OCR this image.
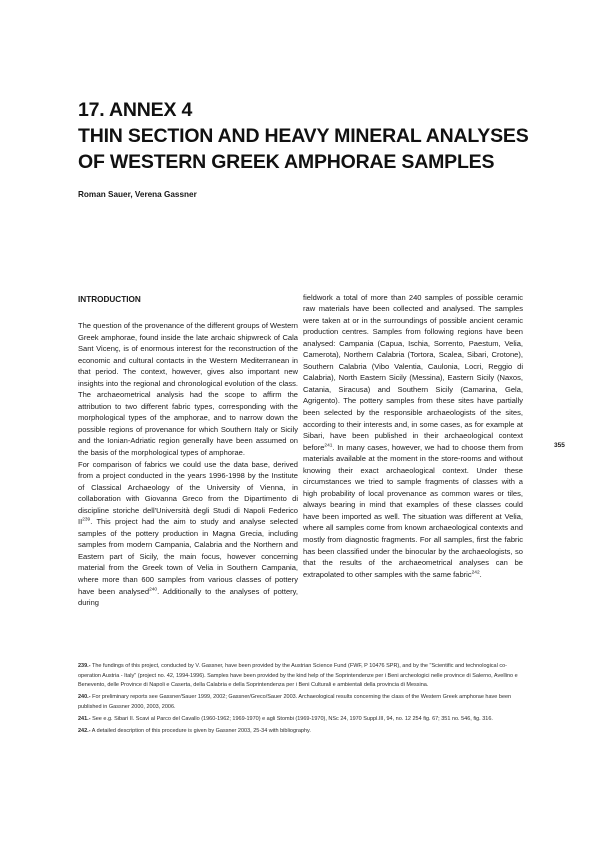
17. ANNEX 4
THIN SECTION AND HEAVY MINERAL ANALYSES
OF WESTERN GREEK AMPHORAE SAMPLES

Roman Sauer, Verena Gassner

INTRODUCTION

The question of the provenance of the different groups of Western Greek amphorae, found inside the late archaic shipwreck of Cala Sant Vicenç, is of enormous interest for the reconstruction of the economic and cultural contacts in the Western Mediterranean in that period. The context, however, gives also important new insights into the regional and chronological evolution of the class. The archaeometrical analysis had the scope to affirm the attribution to two different fabric types, corresponding with the morphological types of the amphorae, and to narrow down the possible regions of provenance for which Southern Italy or Sicily and the Ionian-Adriatic region generally have been assumed on the basis of the morphological types of amphorae.

For comparison of fabrics we could use the data base, derived from a project conducted in the years 1996-1998 by the Institute of Classical Archaeology of the University of Vienna, in collaboration with Giovanna Greco from the Dipartimento di discipline storiche dell'Università degli Studi di Napoli Federico II$^{239}$. This project had the aim to study and analyse selected samples of the pottery production in Magna Grecia, including samples from modern Campania, Calabria and the Northern and Eastern part of Sicily, the main focus, however concerning material from the Greek town of Velia in Southern Campania, where more than 600 samples from various classes of pottery have been analysed$^{240}$. Additionally to the analyses of pottery, during

fieldwork a total of more than 240 samples of possible ceramic raw materials have been collected and analysed. The samples were taken at or in the surroundings of possible ancient ceramic production centres. Samples from following regions have been analysed: Campania (Capua, Ischia, Sorrento, Paestum, Velia, Camerota), Northern Calabria (Tortora, Scalea, Sibari, Crotone), Southern Calabria (Vibo Valentia, Caulonia, Locri, Reggio di Calabria), North Eastern Sicily (Messina), Eastern Sicily (Naxos, Catania, Siracusa) and Southern Sicily (Camarina, Gela, Agrigento). The pottery samples from these sites have partially been selected by the responsible archaeologists of the sites, according to their interests and, in some cases, as for example at Sibari, have been published in their archaeological context before$^{241}$. In many cases, however, we had to choose them from materials available at the moment in the store-rooms and without knowing their exact archaeological context. Under these circumstances we tried to sample fragments of classes with a high probability of local provenance as common wares or tiles, always bearing in mind that examples of these classes could have been imported as well. The situation was different at Velia, where all samples come from known archaeological contexts and mostly from diagnostic fragments. For all samples, first the fabric has been classified under the binocular by the archaeologists, so that the results of the archaeometrical analyses can be extrapolated to other samples with the same fabric$^{242}$.

355

239.- The fundings of this project, conducted by V. Gassner, have been provided by the Austrian Science Fund (FWF, P 10476 SPR), and by the "Scientific and technological co-operation Austria - Italy" (project no. 42, 1994-1996). Samples have been provided by the kind help of the Soprintendenze per i Beni archeologici nelle province di Salerno, Avellino e Benevento, delle Province di Napoli e Caserta, della Calabria e della Soprintendenza per i Beni Culturali e ambientali della provincia di Messina.

240.- For preliminary reports see Gassner/Sauer 1999, 2002; Gassner/Greco/Sauer 2003. Archaeological results concerning the class of the Western Greek amphorae have been published in Gassner 2000, 2003, 2006.

241.- See e.g. Sibari II. Scavi al Parco del Cavallo (1960-1962; 1969-1970) e agli Stombi (1969-1970), NSc 24, 1970 Suppl.III, 94, no. 12 254 fig. 67; 351 no. 546, fig. 316.

242.- A detailed description of this procedure is given by Gassner 2003, 25-34 with bibliography.
